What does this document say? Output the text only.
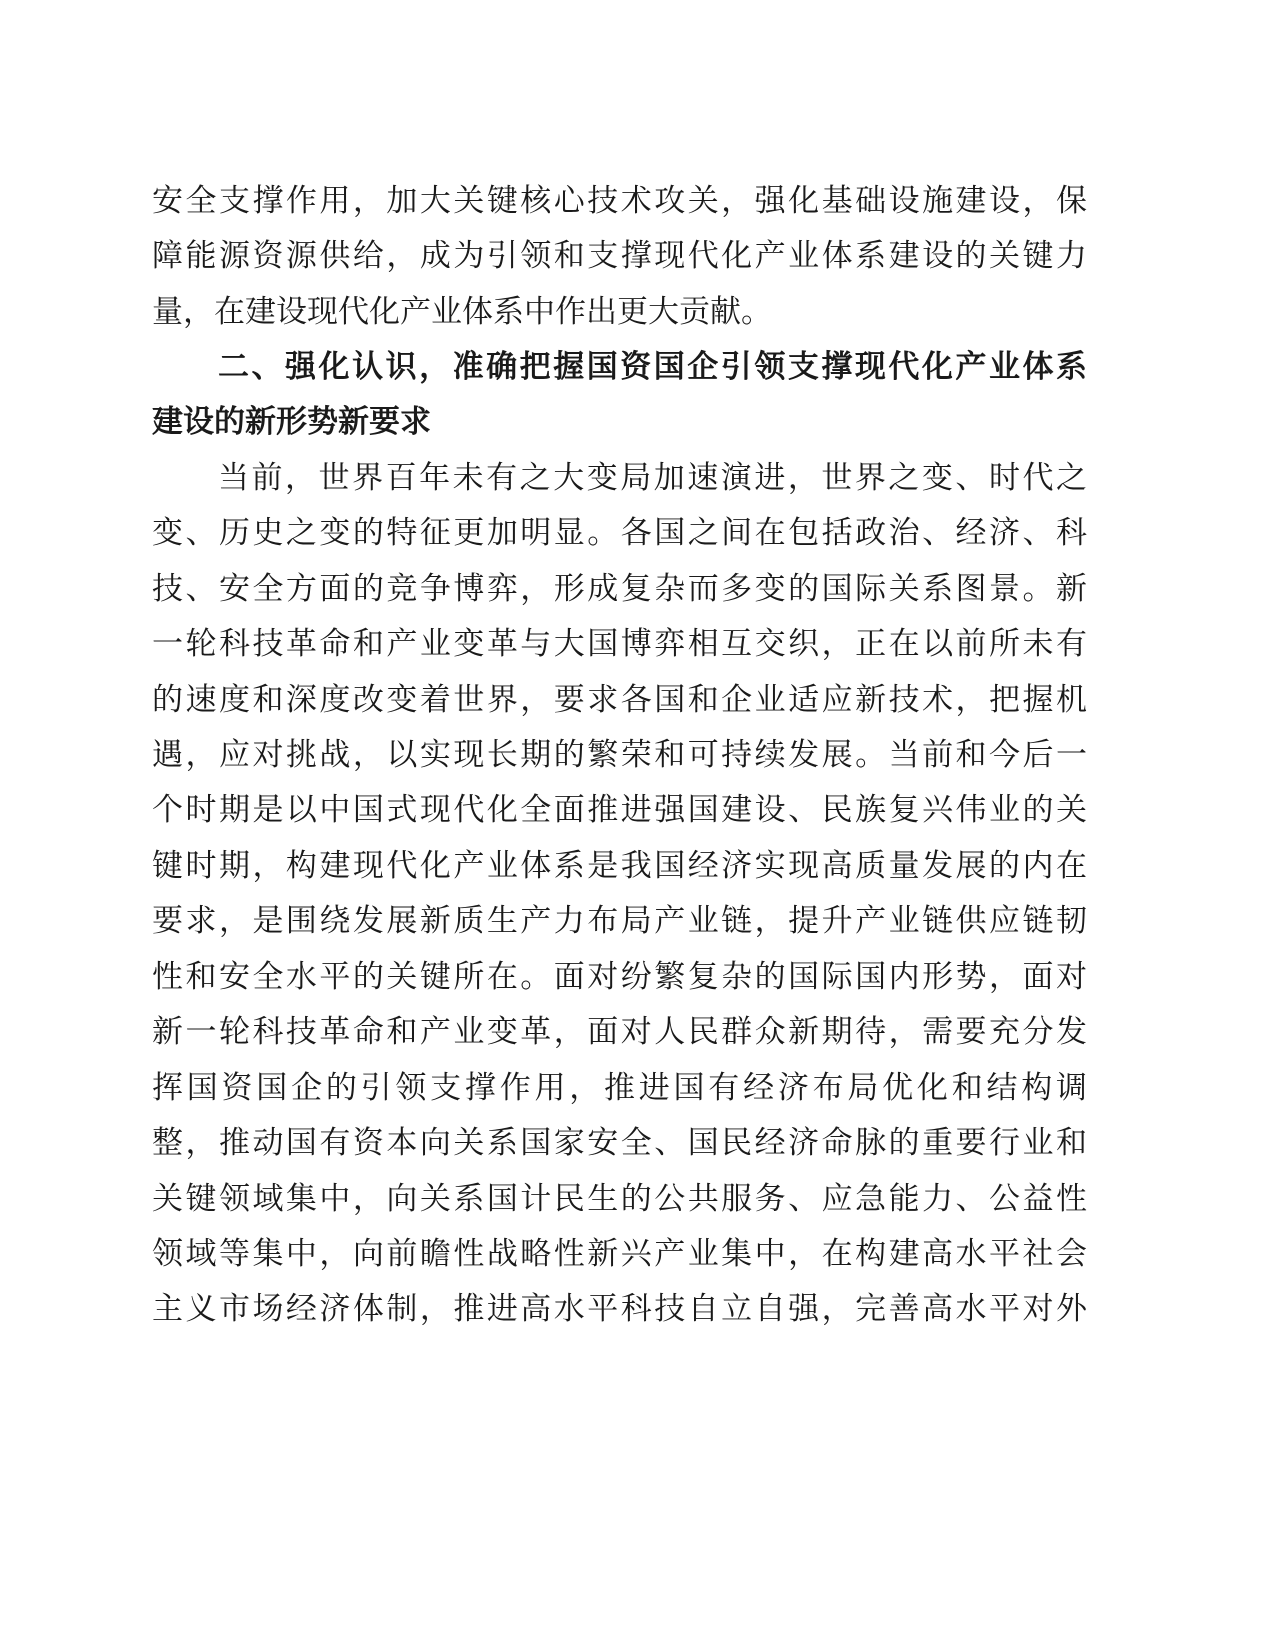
安全支撑作用，加大关键核心技术攻关，强化基础设施建设，保
障能源资源供给，成为引领和支撑现代化产业体系建设的关键力
量，在建设现代化产业体系中作出更大贡献。
二、强化认识，准确把握国资国企引领支撑现代化产业体系
建设的新形势新要求
当前，世界百年未有之大变局加速演进，世界之变、时代之
变、历史之变的特征更加明显。各国之间在包括政治、经济、科
技、安全方面的竞争博弈，形成复杂而多变的国际关系图景。新
一轮科技革命和产业变革与大国博弈相互交织，正在以前所未有
的速度和深度改变着世界，要求各国和企业适应新技术，把握机
遇，应对挑战，以实现长期的繁荣和可持续发展。当前和今后一
个时期是以中国式现代化全面推进强国建设、民族复兴伟业的关
键时期，构建现代化产业体系是我国经济实现高质量发展的内在
要求，是围绕发展新质生产力布局产业链，提升产业链供应链韧
性和安全水平的关键所在。面对纷繁复杂的国际国内形势，面对
新一轮科技革命和产业变革，面对人民群众新期待，需要充分发
挥国资国企的引领支撑作用，推进国有经济布局优化和结构调
整，推动国有资本向关系国家安全、国民经济命脉的重要行业和
关键领域集中，向关系国计民生的公共服务、应急能力、公益性
领域等集中，向前瞻性战略性新兴产业集中，在构建高水平社会
主义市场经济体制，推进高水平科技自立自强，完善高水平对外
